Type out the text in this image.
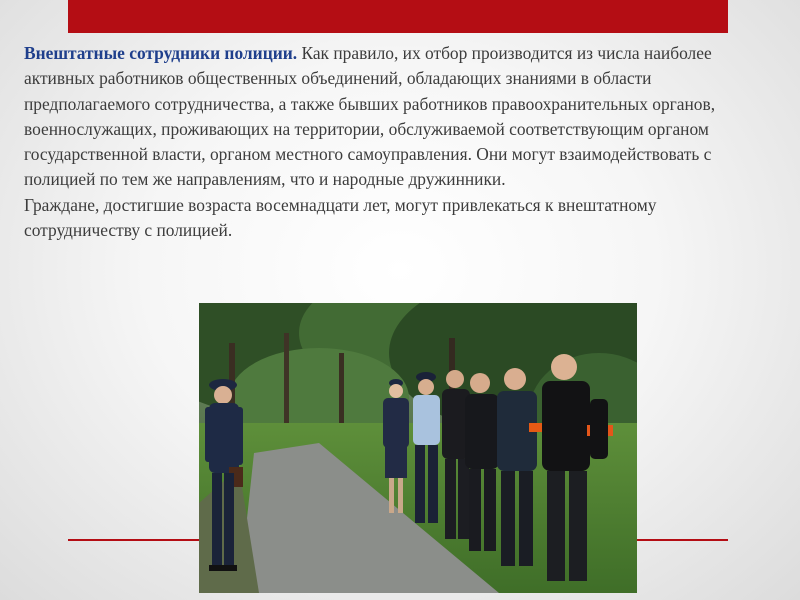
Внештатные сотрудники полиции. Как правило, их отбор производится из числа наиболее активных работников общественных объединений, обладающих знаниями в области предполагаемого сотрудничества, а также бывших работников правоохранительных органов, военнослужащих, проживающих на территории, обслуживаемой соответствующим органом государственной власти, органом местного самоуправления. Они могут взаимодействовать с полицией по тем же направлениям, что и народные дружинники.

Граждане, достигшие возраста восемнадцати лет, могут привлекаться к внештатному сотрудничеству с полицией.
